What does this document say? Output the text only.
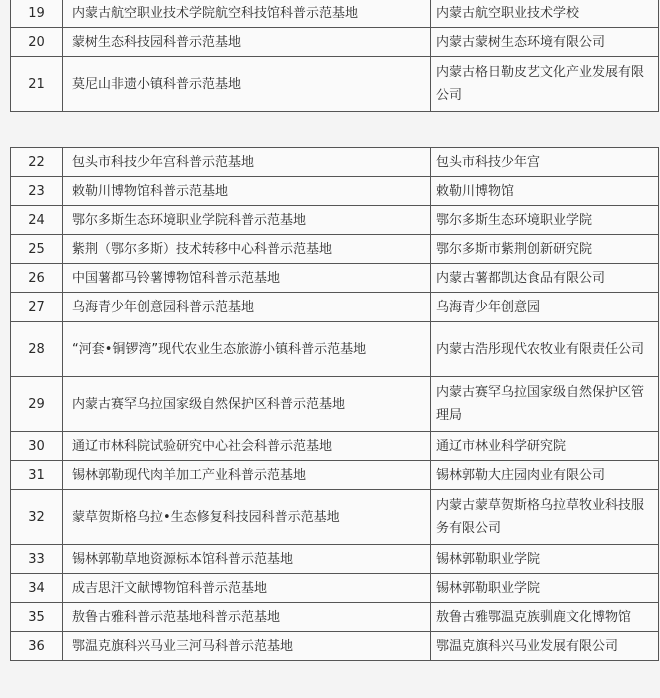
19	内蒙古航空职业技术学院航空科技馆科普示范基地	内蒙古航空职业技术学校
20	蒙树生态科技园科普示范基地	内蒙古蒙树生态环境有限公司
21	莫尼山非遗小镇科普示范基地	内蒙古格日勒皮艺文化产业发展有限公司
22	包头市科技少年宫科普示范基地	包头市科技少年宫
23	敕勒川博物馆科普示范基地	敕勒川博物馆
24	鄂尔多斯生态环境职业学院科普示范基地	鄂尔多斯生态环境职业学院
25	紫荆（鄂尔多斯）技术转移中心科普示范基地	鄂尔多斯市紫荆创新研究院
26	中国薯都马铃薯博物馆科普示范基地	内蒙古薯都凯达食品有限公司
27	乌海青少年创意园科普示范基地	乌海青少年创意园
28	“河套•铜锣湾”现代农业生态旅游小镇科普示范基地	内蒙古浩彤现代农牧业有限责任公司
29	内蒙古赛罕乌拉国家级自然保护区科普示范基地	内蒙古赛罕乌拉国家级自然保护区管理局
30	通辽市林科院试验研究中心社会科普示范基地	通辽市林业科学研究院
31	锡林郭勒现代肉羊加工产业科普示范基地	锡林郭勒大庄园肉业有限公司
32	蒙草贺斯格乌拉•生态修复科技园科普示范基地	内蒙古蒙草贺斯格乌拉草牧业科技服务有限公司
33	锡林郭勒草地资源标本馆科普示范基地	锡林郭勒职业学院
34	成吉思汗文献博物馆科普示范基地	锡林郭勒职业学院
35	敖鲁古雅科普示范基地科普示范基地	敖鲁古雅鄂温克族驯鹿文化博物馆
36	鄂温克旗科兴马业三河马科普示范基地	鄂温克旗科兴马业发展有限公司
